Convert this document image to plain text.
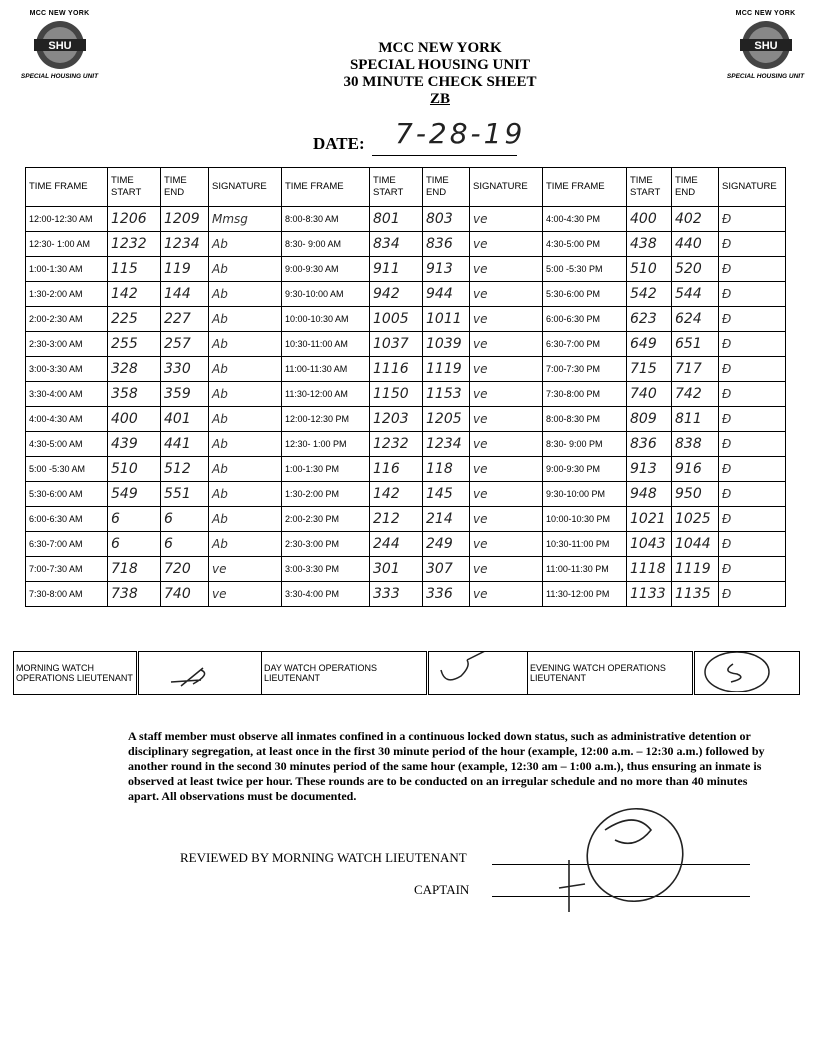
MCC NEW YORK
SHU
SPECIAL HOUSING UNIT
MCC NEW YORK
SHU
SPECIAL HOUSING UNIT
MCC NEW YORK
SPECIAL HOUSING UNIT
30 MINUTE CHECK SHEET
ZB
DATE: 7-28-19
TIME FRAME	TIME START	TIME END	SIGNATURE	TIME FRAME	TIME START	TIME END	SIGNATURE	TIME FRAME	TIME START	TIME END	SIGNATURE
12:00-12:30 AM	1206	1209	Mmsg	8:00-8:30 AM	801	803	ve	4:00-4:30 PM	400	402	Ɖ
12:30- 1:00 AM	1232	1234	Ab	8:30- 9:00 AM	834	836	ve	4:30-5:00 PM	438	440	Ɖ
1:00-1:30 AM	115	119	Ab	9:00-9:30 AM	911	913	ve	5:00 -5:30 PM	510	520	Ɖ
1:30-2:00 AM	142	144	Ab	9:30-10:00 AM	942	944	ve	5:30-6:00 PM	542	544	Ɖ
2:00-2:30 AM	225	227	Ab	10:00-10:30 AM	1005	1011	ve	6:00-6:30 PM	623	624	Ɖ
2:30-3:00 AM	255	257	Ab	10:30-11:00 AM	1037	1039	ve	6:30-7:00 PM	649	651	Ɖ
3:00-3:30 AM	328	330	Ab	11:00-11:30 AM	1116	1119	ve	7:00-7:30 PM	715	717	Ɖ
3:30-4:00 AM	358	359	Ab	11:30-12:00 AM	1150	1153	ve	7:30-8:00 PM	740	742	Ɖ
4:00-4:30 AM	400	401	Ab	12:00-12:30 PM	1203	1205	ve	8:00-8:30 PM	809	811	Ɖ
4:30-5:00 AM	439	441	Ab	12:30- 1:00 PM	1232	1234	ve	8:30- 9:00 PM	836	838	Ɖ
5:00 -5:30 AM	510	512	Ab	1:00-1:30 PM	116	118	ve	9:00-9:30 PM	913	916	Ɖ
5:30-6:00 AM	549	551	Ab	1:30-2:00 PM	142	145	ve	9:30-10:00 PM	948	950	Ɖ
6:00-6:30 AM	6	6	Ab	2:00-2:30 PM	212	214	ve	10:00-10:30 PM	1021	1025	Ɖ
6:30-7:00 AM	6	6	Ab	2:30-3:00 PM	244	249	ve	10:30-11:00 PM	1043	1044	Ɖ
7:00-7:30 AM	718	720	ve	3:00-3:30 PM	301	307	ve	11:00-11:30 PM	1118	1119	Ɖ
7:30-8:00 AM	738	740	ve	3:30-4:00 PM	333	336	ve	11:30-12:00 PM	1133	1135	Ɖ
MORNING WATCH OPERATIONS LIEUTENANT		DAY WATCH OPERATIONS LIEUTENANT		EVENING WATCH OPERATIONS LIEUTENANT	
A staff member must observe all inmates confined in a continuous locked down status, such as administrative detention or disciplinary segregation, at least once in the first 30 minute period of the hour (example, 12:00 a.m. – 12:30 a.m.) followed by another round in the second 30 minutes period of the same hour (example, 12:30 am – 1:00 a.m.), thus ensuring an inmate is observed at least twice per hour. These rounds are to be conducted on an irregular schedule and no more than 40 minutes apart. All observations must be documented.
REVIEWED BY MORNING WATCH LIEUTENANT
CAPTAIN
